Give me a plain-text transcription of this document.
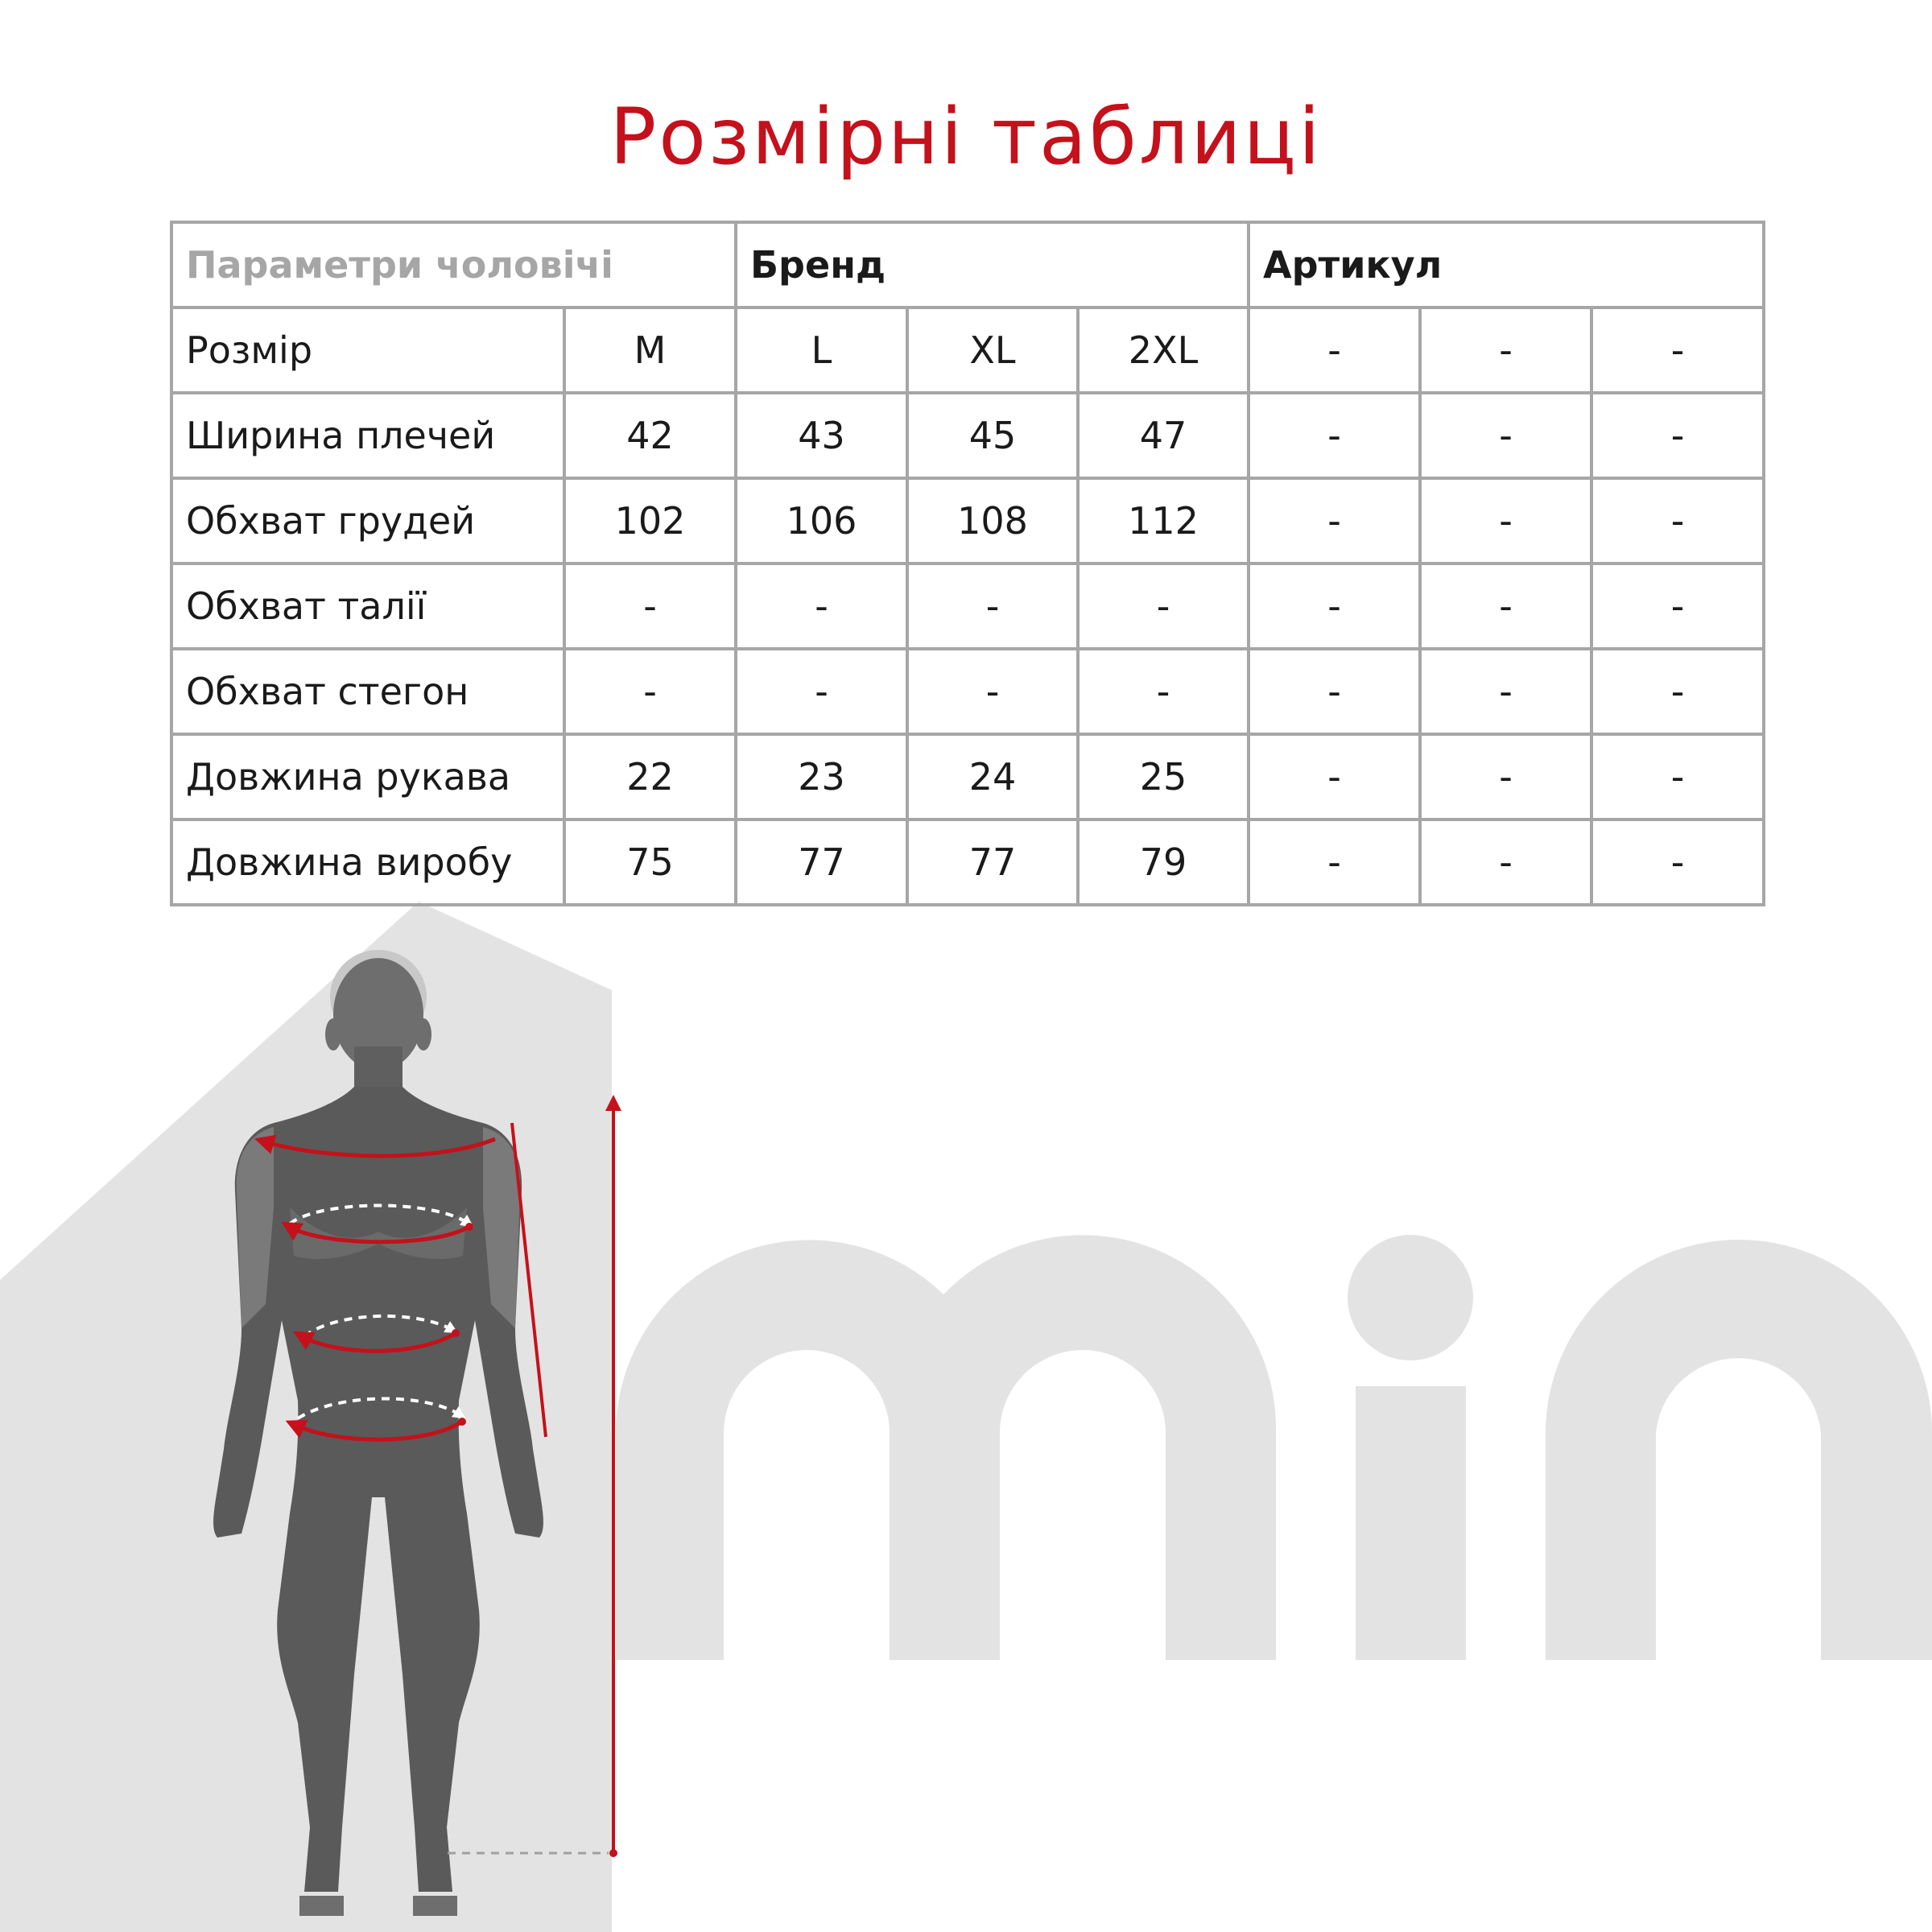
Розмірні таблиці
Параметри чоловічі		Бренд			Артикул		
Розмір	M	L	XL	2XL	-	-	-
Ширина плечей	42	43	45	47	-	-	-
Обхват грудей	102	106	108	112	-	-	-
Обхват талії	-	-	-	-	-	-	-
Обхват стегон	-	-	-	-	-	-	-
Довжина рукава	22	23	24	25	-	-	-
Довжина виробу	75	77	77	79	-	-	-
